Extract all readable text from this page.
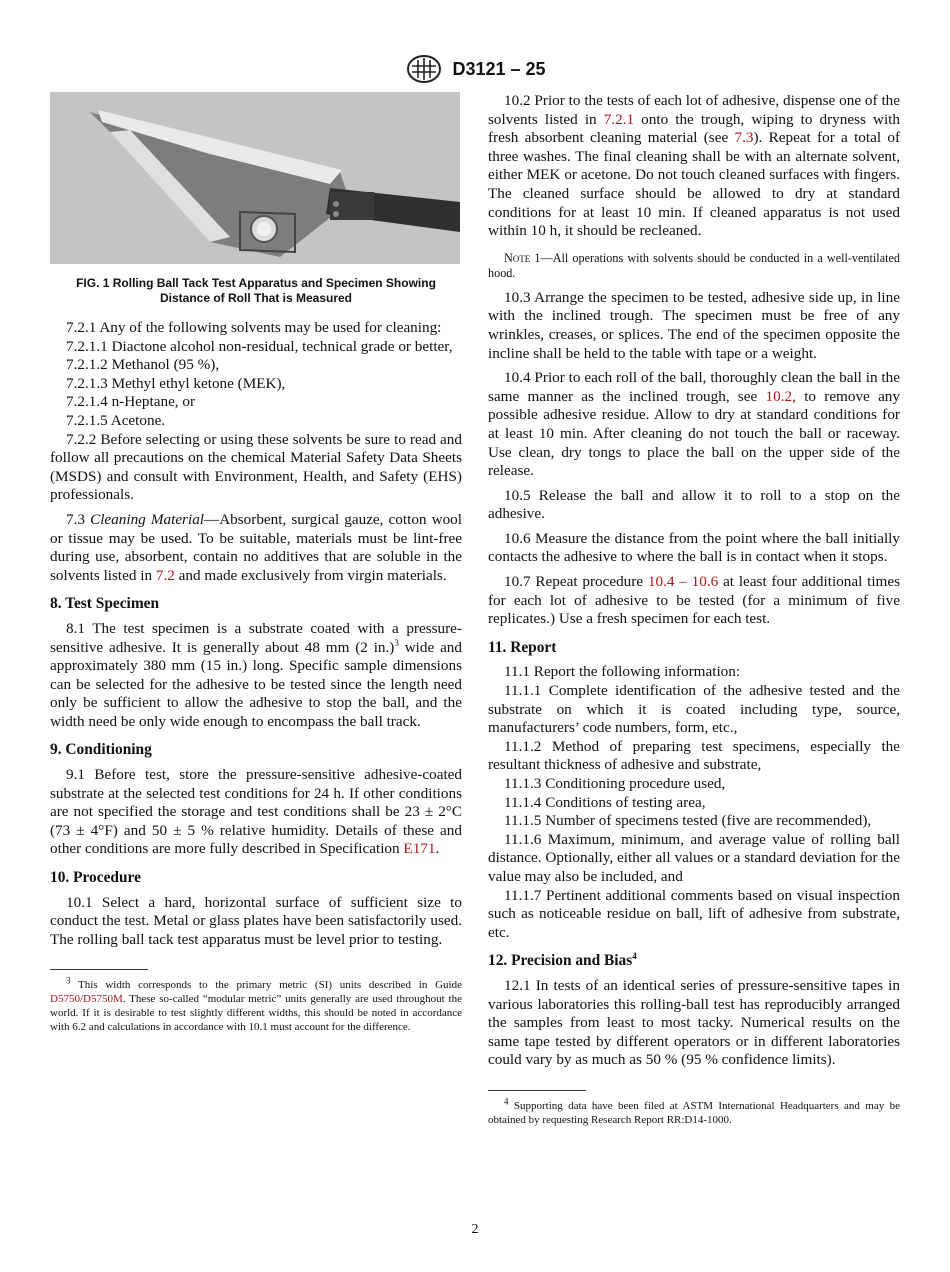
D3121 – 25
FIG. 1 Rolling Ball Tack Test Apparatus and Specimen Showing Distance of Roll That is Measured

7.2.1 Any of the following solvents may be used for cleaning:

7.2.1.1 Diactone alcohol non-residual, technical grade or better,

7.2.1.2 Methanol (95 %),

7.2.1.3 Methyl ethyl ketone (MEK),

7.2.1.4 n-Heptane, or

7.2.1.5 Acetone.

7.2.2 Before selecting or using these solvents be sure to read and follow all precautions on the chemical Material Safety Data Sheets (MSDS) and consult with Environment, Health, and Safety (EHS) professionals.

7.3 Cleaning Material—Absorbent, surgical gauze, cotton wool or tissue may be used. To be suitable, materials must be lint-free during use, absorbent, contain no additives that are soluble in the solvents listed in 7.2 and made exclusively from virgin materials.

8. Test Specimen

8.1 The test specimen is a substrate coated with a pressure-sensitive adhesive. It is generally about 48 mm (2 in.)$^3$ wide and approximately 380 mm (15 in.) long. Specific sample dimensions can be selected for the adhesive to be tested since the length need only be sufficient to allow the adhesive to stop the ball, and the width need be only wide enough to encompass the ball track.

9. Conditioning

9.1 Before test, store the pressure-sensitive adhesive-coated substrate at the selected test conditions for 24 h. If other conditions are not specified the storage and test conditions shall be 23 ± 2°C (73 ± 4°F) and 50 ± 5 % relative humidity. Details of these and other conditions are more fully described in Specification E171.

10. Procedure

10.1 Select a hard, horizontal surface of sufficient size to conduct the test. Metal or glass plates have been satisfactorily used. The rolling ball tack test apparatus must be level prior to testing.

$^3$ This width corresponds to the primary metric (SI) units described in Guide D5750/D5750M. These so-called “modular metric” units generally are used throughout the world. If it is desirable to test slightly different widths, this should be noted in accordance with 6.2 and calculations in accordance with 10.1 must account for the difference.

10.2 Prior to the tests of each lot of adhesive, dispense one of the solvents listed in 7.2.1 onto the trough, wiping to dryness with fresh absorbent cleaning material (see 7.3). Repeat for a total of three washes. The final cleaning shall be with an alternate solvent, either MEK or acetone. Do not touch cleaned surfaces with fingers. The cleaned surface should be allowed to dry at standard conditions for at least 10 min. If cleaned apparatus is not used within 10 h, it should be recleaned.

Note 1—All operations with solvents should be conducted in a well-ventilated hood.

10.3 Arrange the specimen to be tested, adhesive side up, in line with the inclined trough. The specimen must be free of any wrinkles, creases, or splices. The end of the specimen opposite the incline shall be held to the table with tape or a weight.

10.4 Prior to each roll of the ball, thoroughly clean the ball in the same manner as the inclined trough, see 10.2, to remove any possible adhesive residue. Allow to dry at standard conditions for at least 10 min. After cleaning do not touch the ball or raceway. Use clean, dry tongs to place the ball on the upper side of the release.

10.5 Release the ball and allow it to roll to a stop on the adhesive.

10.6 Measure the distance from the point where the ball initially contacts the adhesive to where the ball is in contact when it stops.

10.7 Repeat procedure 10.4 – 10.6 at least four additional times for each lot of adhesive to be tested (for a minimum of five replicates.) Use a fresh specimen for each test.

11. Report

11.1 Report the following information:

11.1.1 Complete identification of the adhesive tested and the substrate on which it is coated including type, source, manufacturers’ code numbers, form, etc.,

11.1.2 Method of preparing test specimens, especially the resultant thickness of adhesive and substrate,

11.1.3 Conditioning procedure used,

11.1.4 Conditions of testing area,

11.1.5 Number of specimens tested (five are recommended),

11.1.6 Maximum, minimum, and average value of rolling ball distance. Optionally, either all values or a standard deviation for the value may also be included, and

11.1.7 Pertinent additional comments based on visual inspection such as noticeable residue on ball, lift of adhesive from substrate, etc.

12. Precision and Bias$^4$

12.1 In tests of an identical series of pressure-sensitive tapes in various laboratories this rolling-ball test has reproducibly arranged the samples from least to most tacky. Numerical results on the same tape tested by different operators or in different laboratories could vary by as much as 50 % (95 % confidence limits).

$^4$ Supporting data have been filed at ASTM International Headquarters and may be obtained by requesting Research Report RR:D14-1000.

2
